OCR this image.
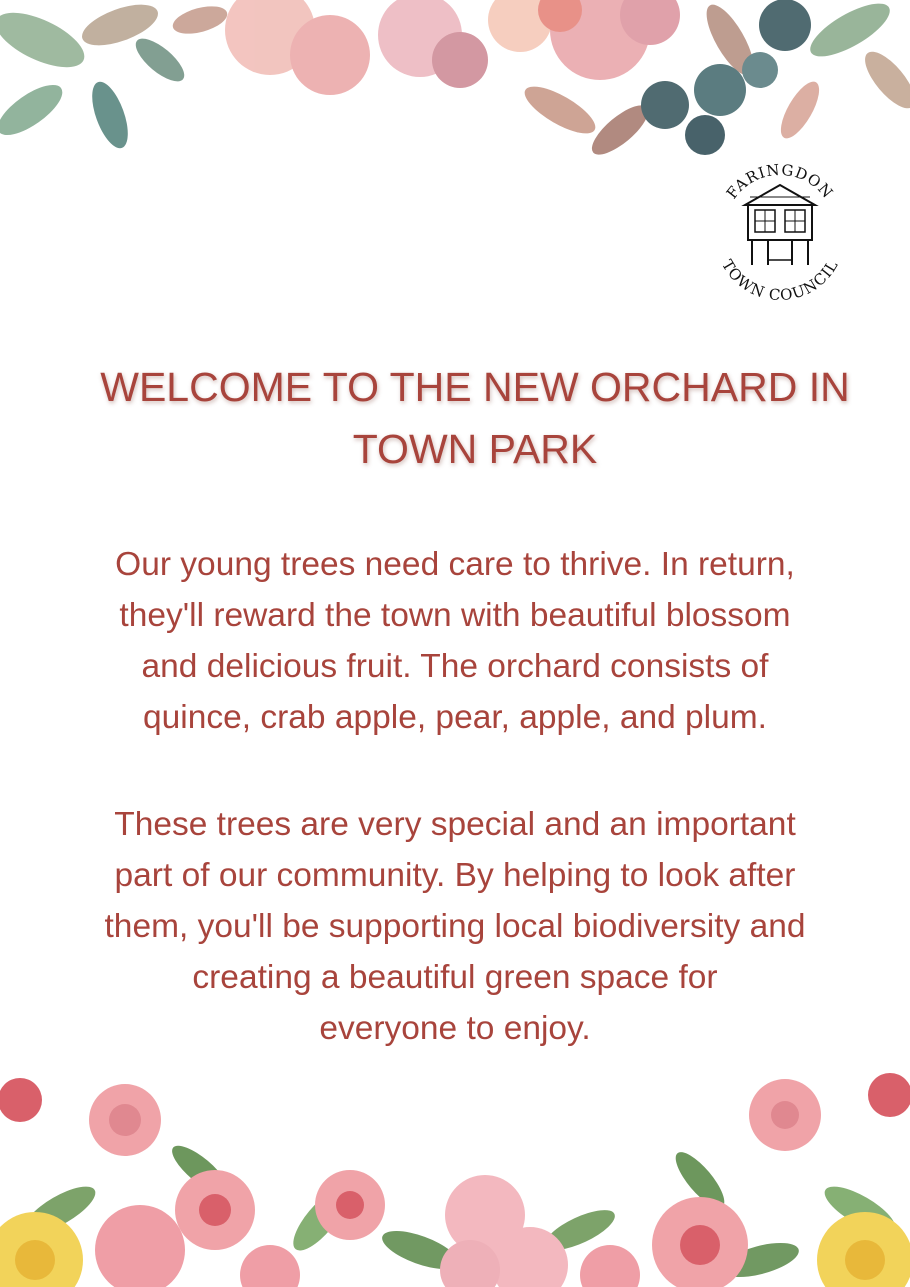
FARINGDON
TOWN COUNCIL
WELCOME TO THE NEW ORCHARD IN
TOWN PARK
Our young trees need care to thrive. In return,
they'll reward the town with beautiful blossom
and delicious fruit. The orchard consists of
quince, crab apple, pear, apple, and plum.
These trees are very special and an important
part of our community. By helping to look after
them, you'll be supporting local biodiversity and
creating a beautiful green space for
everyone to enjoy.
